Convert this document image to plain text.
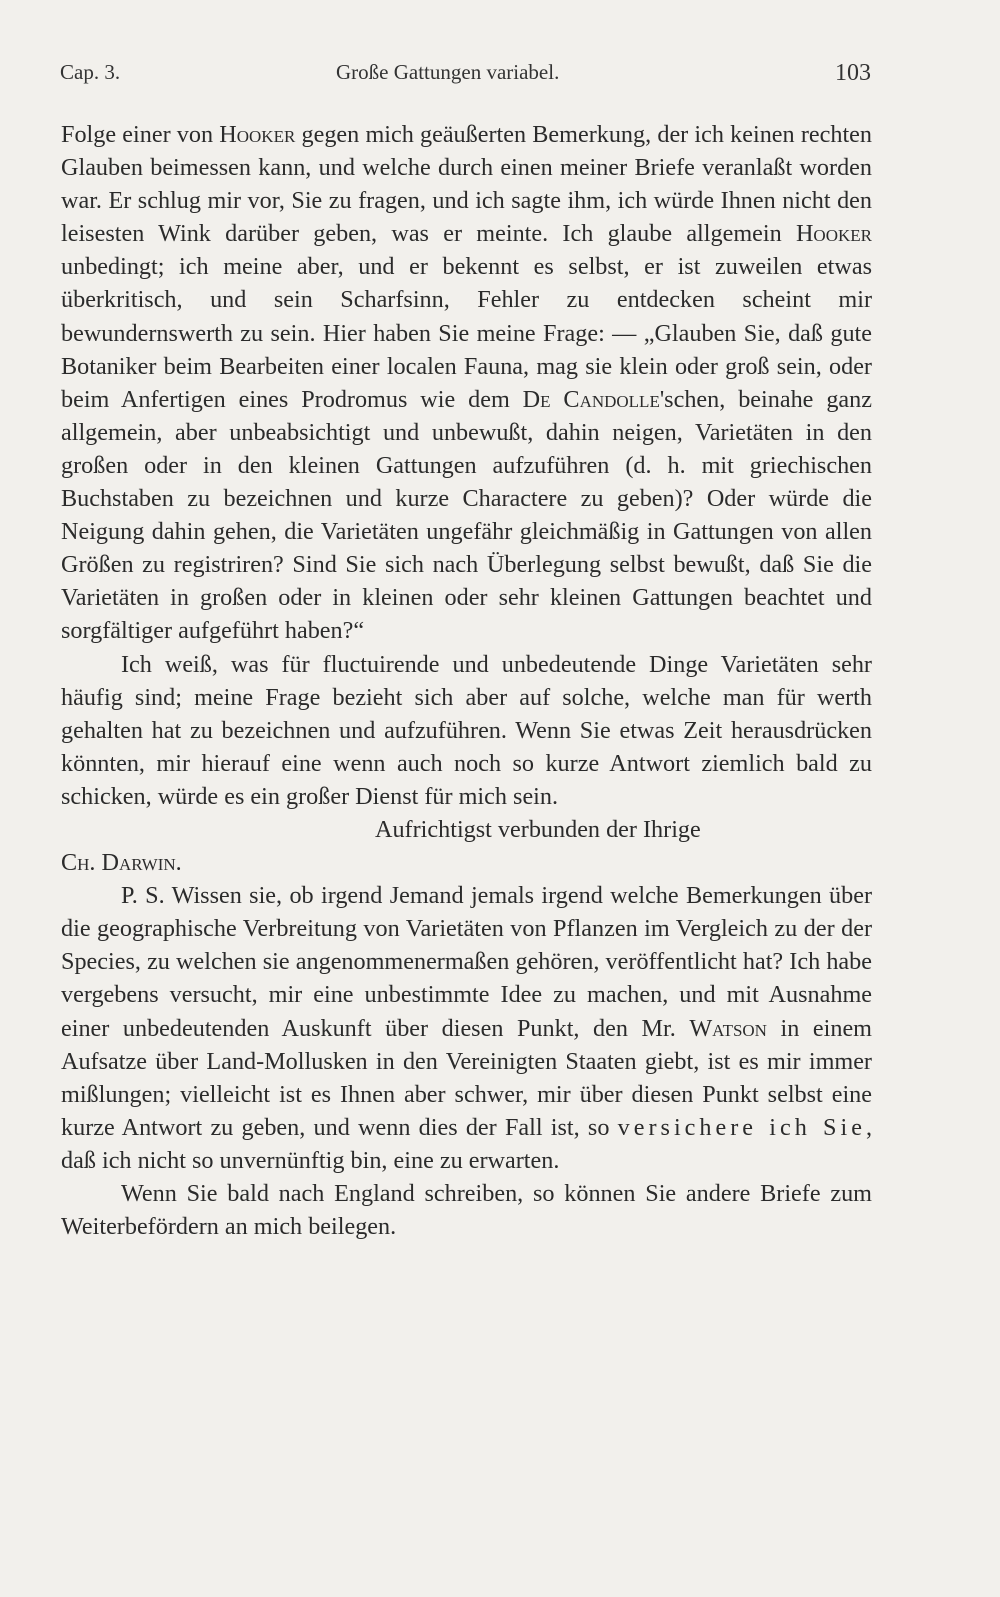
Cap. 3.	Große Gattungen variabel.	103

Folge einer von Hooker gegen mich geäußerten Bemerkung, der ich keinen rechten Glauben beimessen kann, und welche durch einen meiner Briefe veranlaßt worden war. Er schlug mir vor, Sie zu fragen, und ich sagte ihm, ich würde Ihnen nicht den leisesten Wink darüber geben, was er meinte. Ich glaube allgemein Hooker unbedingt; ich meine aber, und er bekennt es selbst, er ist zuweilen etwas überkritisch, und sein Scharfsinn, Fehler zu entdecken scheint mir bewundernswerth zu sein. Hier haben Sie meine Frage: — „Glauben Sie, daß gute Botaniker beim Bearbeiten einer localen Fauna, mag sie klein oder groß sein, oder beim Anfertigen eines Prodromus wie dem De Candolle'schen, beinahe ganz allgemein, aber unbeabsichtigt und unbewußt, dahin neigen, Varietäten in den großen oder in den kleinen Gattungen aufzuführen (d. h. mit griechischen Buchstaben zu bezeichnen und kurze Charactere zu geben)? Oder würde die Neigung dahin gehen, die Varietäten ungefähr gleichmäßig in Gattungen von allen Größen zu registriren? Sind Sie sich nach Überlegung selbst bewußt, daß Sie die Varietäten in großen oder in kleinen oder sehr kleinen Gattungen beachtet und sorgfältiger aufgeführt haben?“

Ich weiß, was für fluctuirende und unbedeutende Dinge Varietäten sehr häufig sind; meine Frage bezieht sich aber auf solche, welche man für werth gehalten hat zu bezeichnen und aufzuführen. Wenn Sie etwas Zeit herausdrücken könnten, mir hierauf eine wenn auch noch so kurze Antwort ziemlich bald zu schicken, würde es ein großer Dienst für mich sein.

Aufrichtigst verbunden der Ihrige

Ch. Darwin.

P. S. Wissen sie, ob irgend Jemand jemals irgend welche Bemerkungen über die geographische Verbreitung von Varietäten von Pflanzen im Vergleich zu der der Species, zu welchen sie angenommenermaßen gehören, veröffentlicht hat? Ich habe vergebens versucht, mir eine unbestimmte Idee zu machen, und mit Ausnahme einer unbedeutenden Auskunft über diesen Punkt, den Mr. Watson in einem Aufsatze über Land-Mollusken in den Vereinigten Staaten giebt, ist es mir immer mißlungen; vielleicht ist es Ihnen aber schwer, mir über diesen Punkt selbst eine kurze Antwort zu geben, und wenn dies der Fall ist, so versichere ich Sie, daß ich nicht so unvernünftig bin, eine zu erwarten.

Wenn Sie bald nach England schreiben, so können Sie andere Briefe zum Weiterbefördern an mich beilegen.
